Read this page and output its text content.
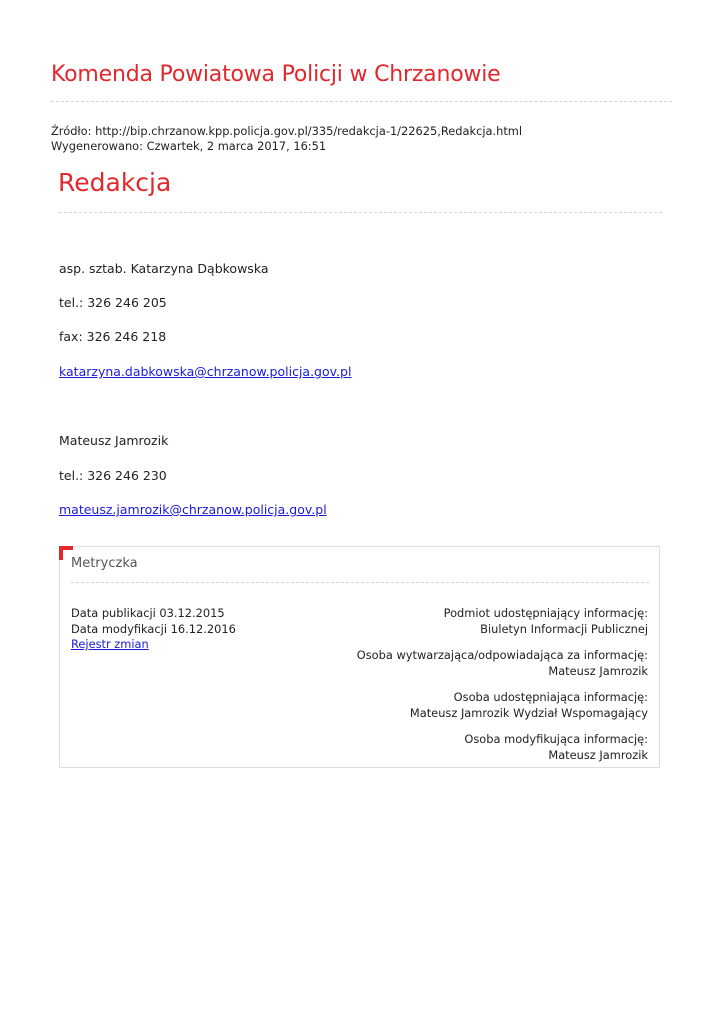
Komenda Powiatowa Policji w Chrzanowie
Źródło: http://bip.chrzanow.kpp.policja.gov.pl/335/redakcja-1/22625,Redakcja.html
Wygenerowano: Czwartek, 2 marca 2017, 16:51
Redakcja

asp. sztab. Katarzyna Dąbkowska

tel.: 326 246 205

fax: 326 246 218

katarzyna.dabkowska@chrzanow.policja.gov.pl

Mateusz Jamrozik

tel.: 326 246 230

mateusz.jamrozik@chrzanow.policja.gov.pl

Metryczka
Data publikacji 03.12.2015
Data modyfikacji 16.12.2016
Rejestr zmian
Podmiot udostępniający informację:
Biuletyn Informacji Publicznej
Osoba wytwarzająca/odpowiadająca za informację:
Mateusz Jamrozik
Osoba udostępniająca informację:
Mateusz Jamrozik Wydział Wspomagający
Osoba modyfikująca informację:
Mateusz Jamrozik
